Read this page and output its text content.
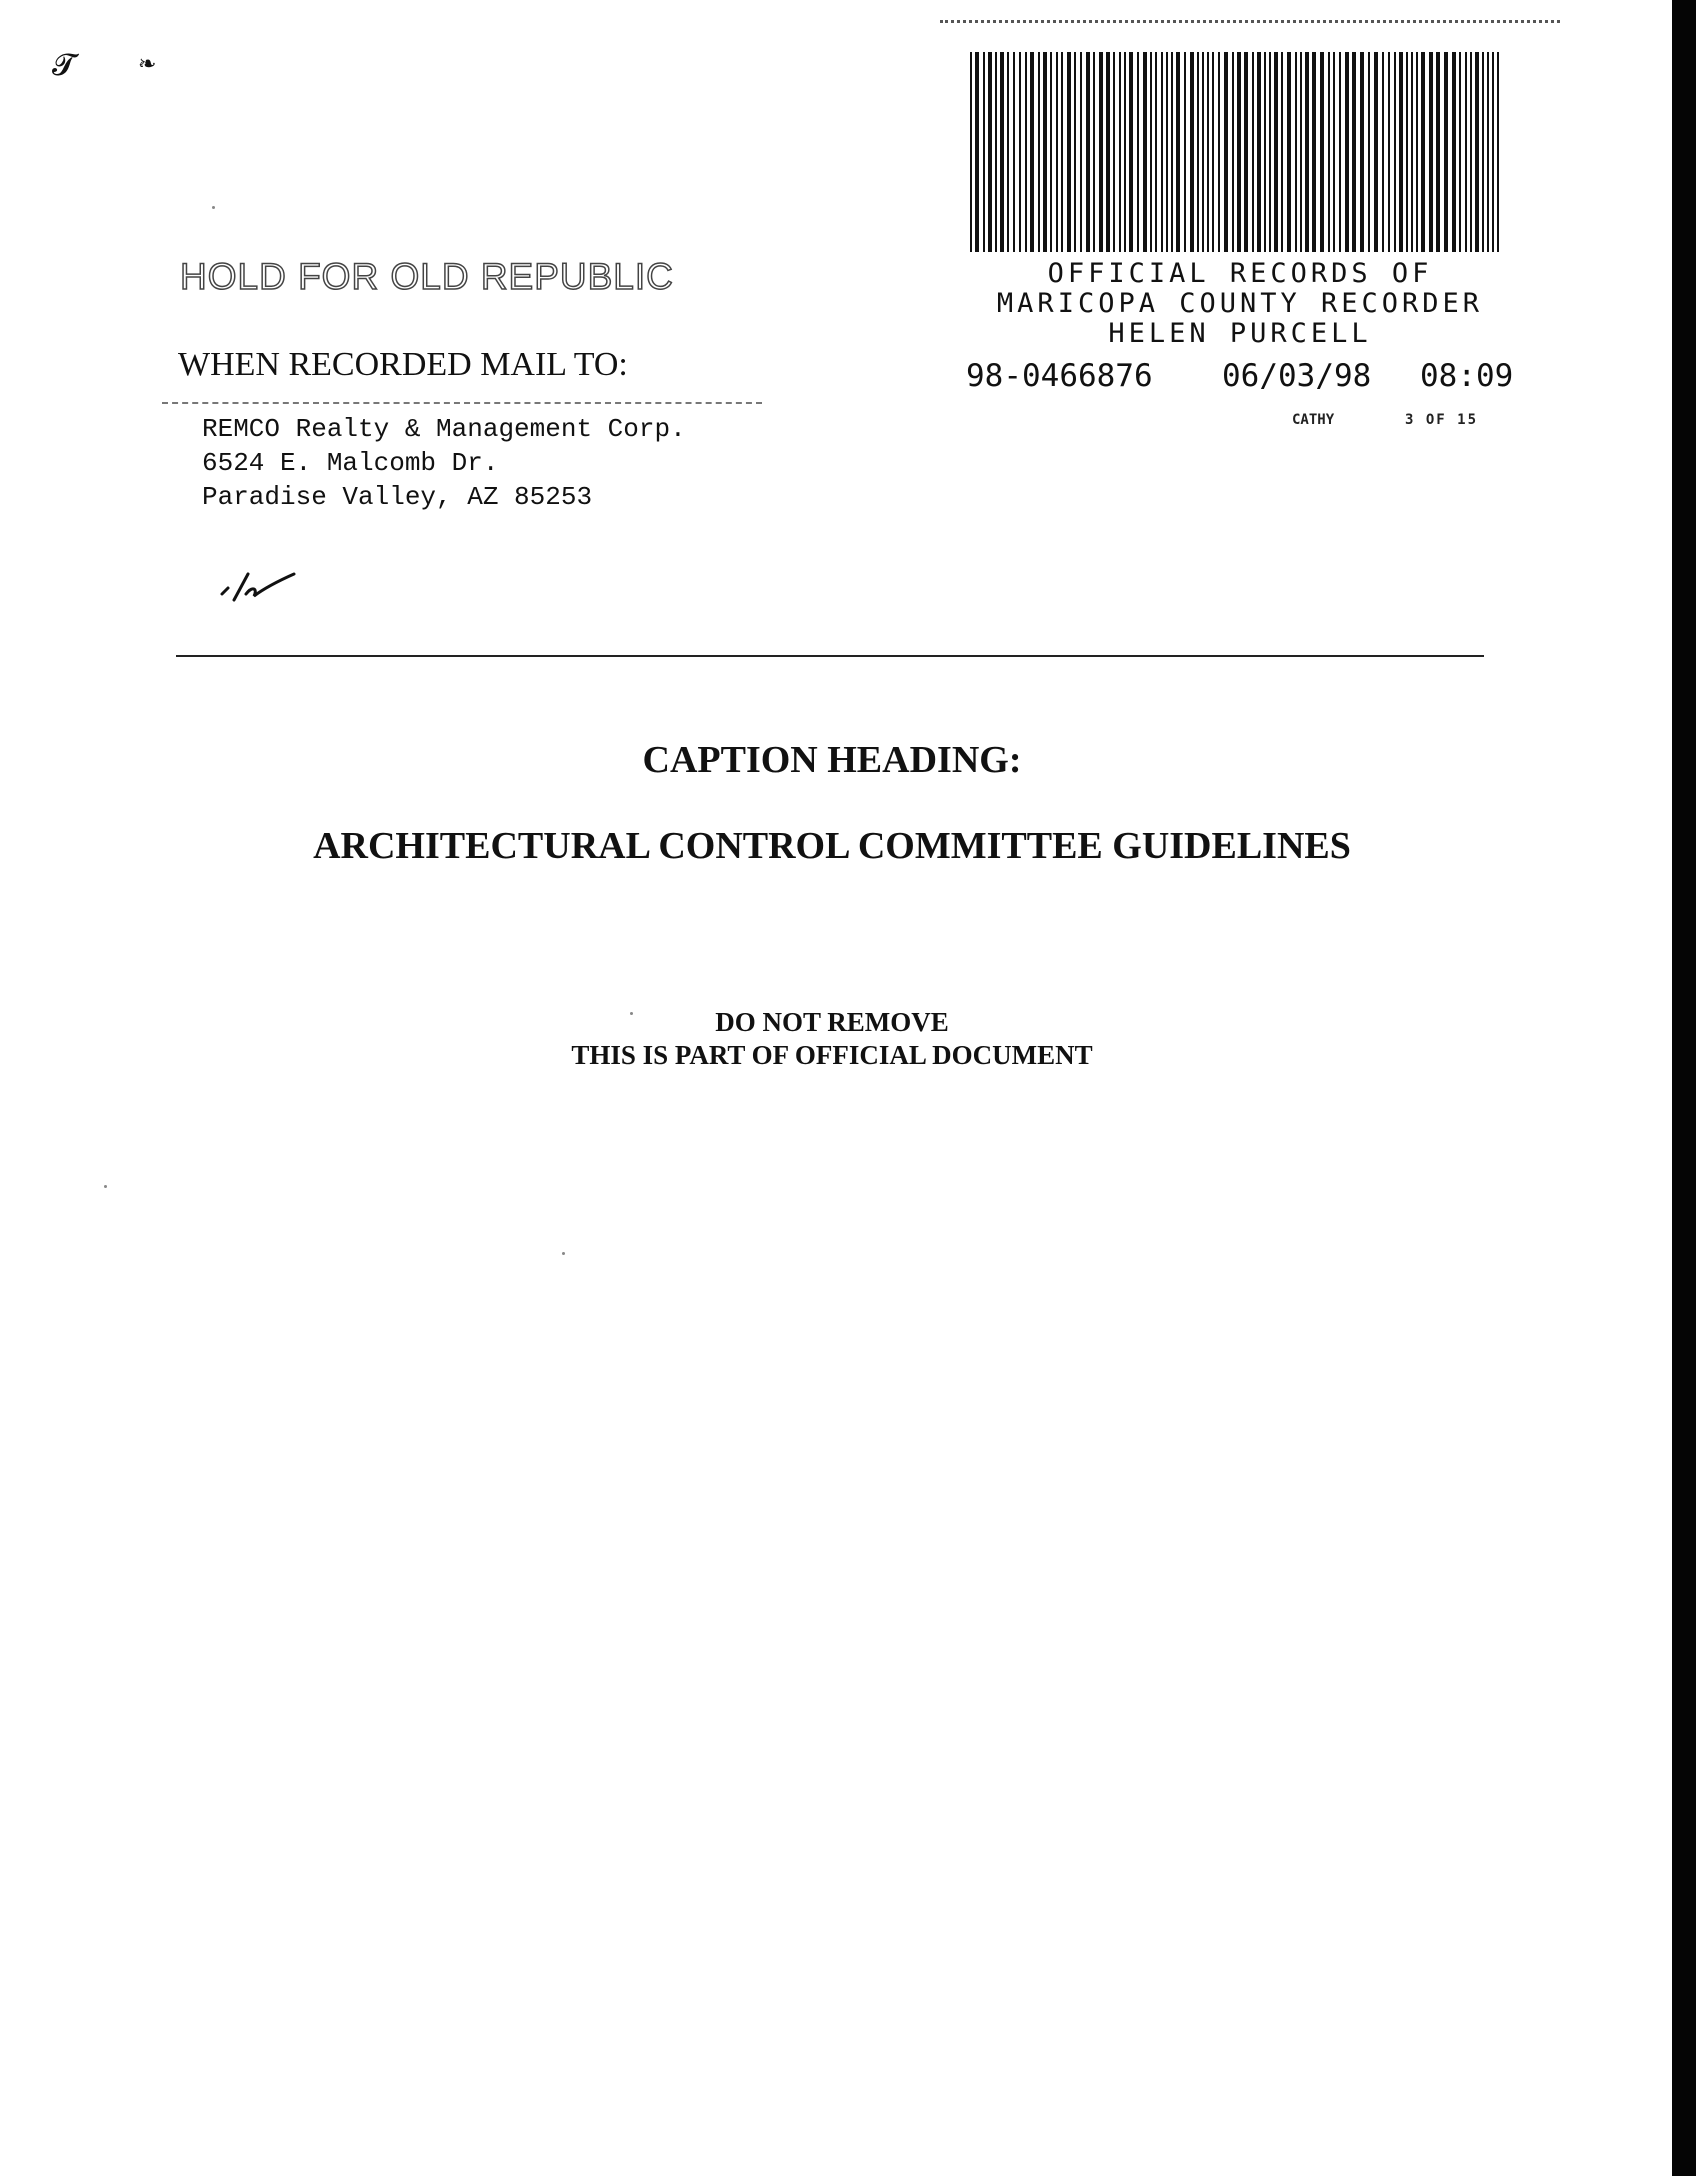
𝓣	❧
OFFICIAL RECORDS OF
MARICOPA COUNTY RECORDER
HELEN PURCELL
98-0466876 06/03/98 08:09
CATHY	3 OF 15
HOLD FOR OLD REPUBLIC
WHEN RECORDED MAIL TO:
REMCO Realty & Management Corp.
6524 E. Malcomb Dr.
Paradise Valley, AZ 85253
CAPTION HEADING:
ARCHITECTURAL CONTROL COMMITTEE GUIDELINES
DO NOT REMOVE
THIS IS PART OF OFFICIAL DOCUMENT
